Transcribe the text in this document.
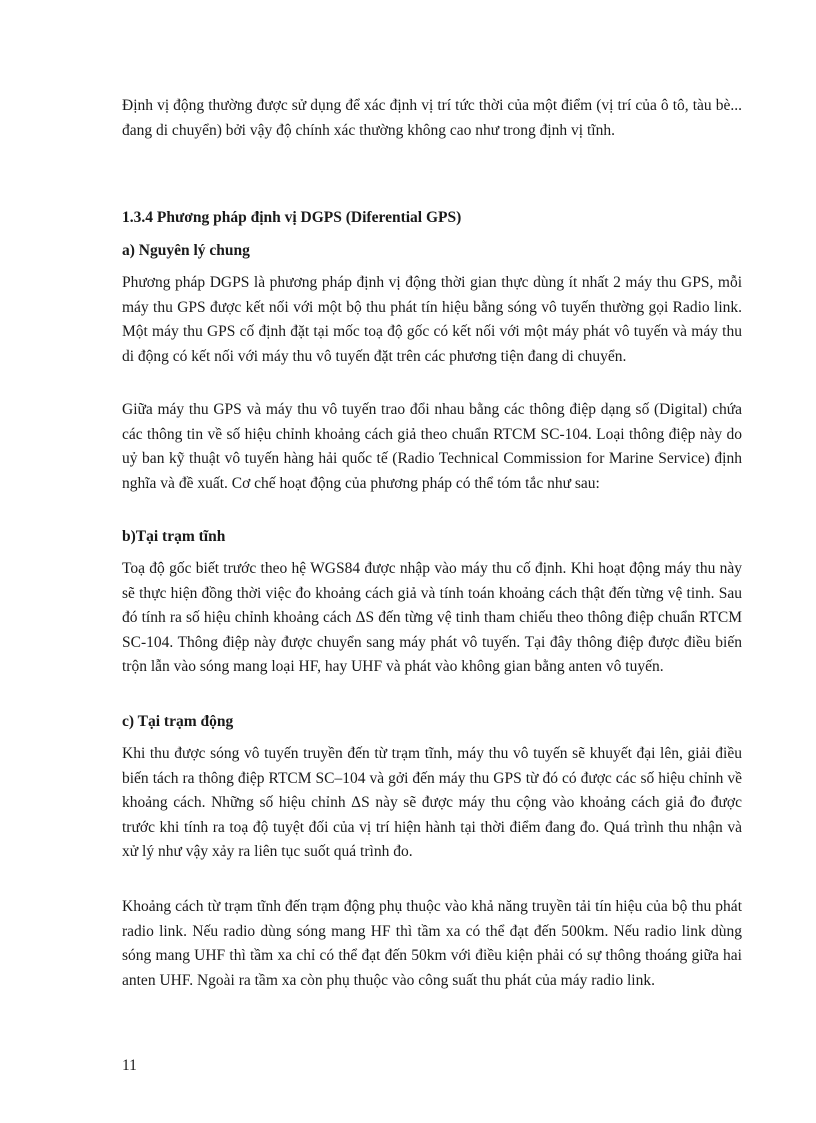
Định vị động thường được sử dụng để xác định vị trí tức thời của một điểm (vị trí của ô tô, tàu bè... đang di chuyển) bởi vậy độ chính xác thường không cao như trong định vị tĩnh.

1.3.4 Phương pháp định vị DGPS (Diferential GPS)

a) Nguyên lý chung

Phương pháp DGPS là phương pháp định vị động thời gian thực dùng ít nhất 2 máy thu GPS, mỗi máy thu GPS được kết nối với một bộ thu phát tín hiệu bằng sóng vô tuyến thường gọi Radio link. Một máy thu GPS cố định đặt tại mốc toạ độ gốc có kết nối với một máy phát vô tuyến và máy thu di động có kết nối với máy thu vô tuyến đặt trên các phương tiện đang di chuyển.

Giữa máy thu GPS và máy thu vô tuyến trao đổi nhau bằng các thông điệp dạng số (Digital) chứa các thông tin về số hiệu chỉnh khoảng cách giả theo chuẩn RTCM SC-104. Loại thông điệp này do uỷ ban kỹ thuật vô tuyến hàng hải quốc tế (Radio Technical Commission for Marine Service) định nghĩa và đề xuất. Cơ chế hoạt động của phương pháp có thể tóm tắc như sau:

b)Tại trạm tĩnh

Toạ độ gốc biết trước theo hệ WGS84 được nhập vào máy thu cố định. Khi hoạt động máy thu này sẽ thực hiện đồng thời việc đo khoảng cách giả và tính toán khoảng cách thật đến từng vệ tinh. Sau đó tính ra số hiệu chỉnh khoảng cách ΔS đến từng vệ tinh tham chiếu theo thông điệp chuẩn RTCM SC-104. Thông điệp này được chuyển sang máy phát vô tuyến. Tại đây thông điệp được điều biến trộn lẫn vào sóng mang loại HF, hay UHF và phát vào không gian bằng anten vô tuyến.

c) Tại trạm động

Khi thu được sóng vô tuyến truyền đến từ trạm tĩnh, máy thu vô tuyến sẽ khuyết đại lên, giải điều biến tách ra thông điệp RTCM SC–104 và gởi đến máy thu GPS từ đó có được các số hiệu chỉnh về khoảng cách. Những số hiệu chỉnh ΔS này sẽ được máy thu cộng vào khoảng cách giả đo được trước khi tính ra toạ độ tuyệt đối của vị trí hiện hành tại thời điểm đang đo. Quá trình thu nhận và xử lý như vậy xảy ra liên tục suốt quá trình đo.

Khoảng cách từ trạm tĩnh đến trạm động phụ thuộc vào khả năng truyền tải tín hiệu của bộ thu phát radio link. Nếu radio dùng sóng mang HF thì tầm xa có thể đạt đến 500km. Nếu radio link dùng sóng mang UHF thì tầm xa chỉ có thể đạt đến 50km với điều kiện phải có sự thông thoáng giữa hai anten UHF. Ngoài ra tầm xa còn phụ thuộc vào công suất thu phát của máy radio link.

11
